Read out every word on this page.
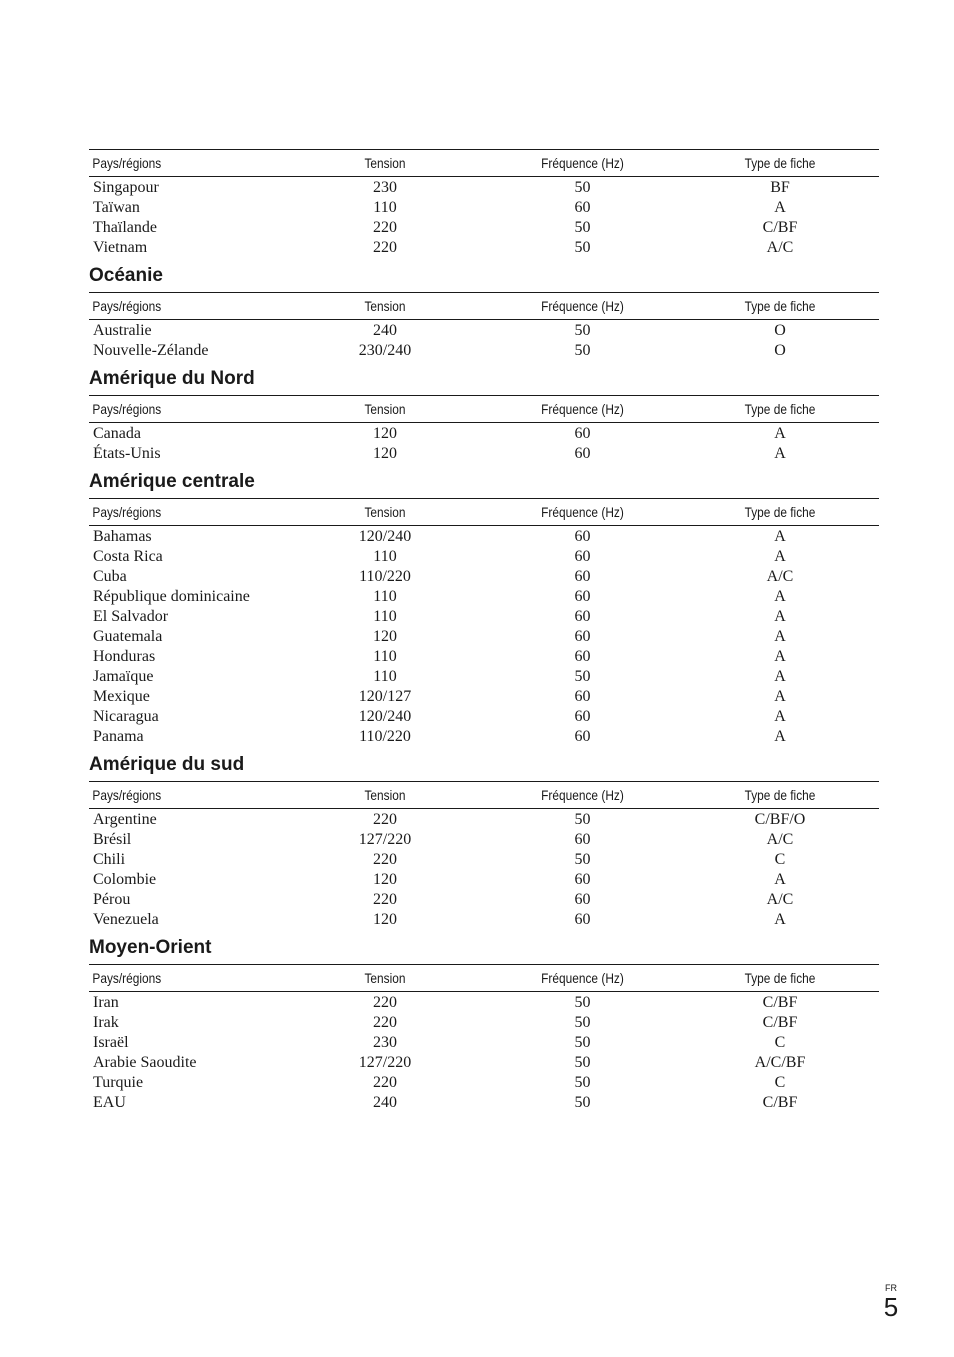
Pays/régions	Tension	Fréquence (Hz)	Type de fiche
Singapour	230	50	BF
Taïwan	110	60	A
Thaïlande	220	50	C/BF
Vietnam	220	50	A/C
Océanie
Pays/régions	Tension	Fréquence (Hz)	Type de fiche
Australie	240	50	O
Nouvelle-Zélande	230/240	50	O
Amérique du Nord
Pays/régions	Tension	Fréquence (Hz)	Type de fiche
Canada	120	60	A
États-Unis	120	60	A
Amérique centrale
Pays/régions	Tension	Fréquence (Hz)	Type de fiche
Bahamas	120/240	60	A
Costa Rica	110	60	A
Cuba	110/220	60	A/C
République dominicaine	110	60	A
El Salvador	110	60	A
Guatemala	120	60	A
Honduras	110	60	A
Jamaïque	110	50	A
Mexique	120/127	60	A
Nicaragua	120/240	60	A
Panama	110/220	60	A
Amérique du sud
Pays/régions	Tension	Fréquence (Hz)	Type de fiche
Argentine	220	50	C/BF/O
Brésil	127/220	60	A/C
Chili	220	50	C
Colombie	120	60	A
Pérou	220	60	A/C
Venezuela	120	60	A
Moyen-Orient
Pays/régions	Tension	Fréquence (Hz)	Type de fiche
Iran	220	50	C/BF
Irak	220	50	C/BF
Israël	230	50	C
Arabie Saoudite	127/220	50	A/C/BF
Turquie	220	50	C
EAU	240	50	C/BF
FR
5
